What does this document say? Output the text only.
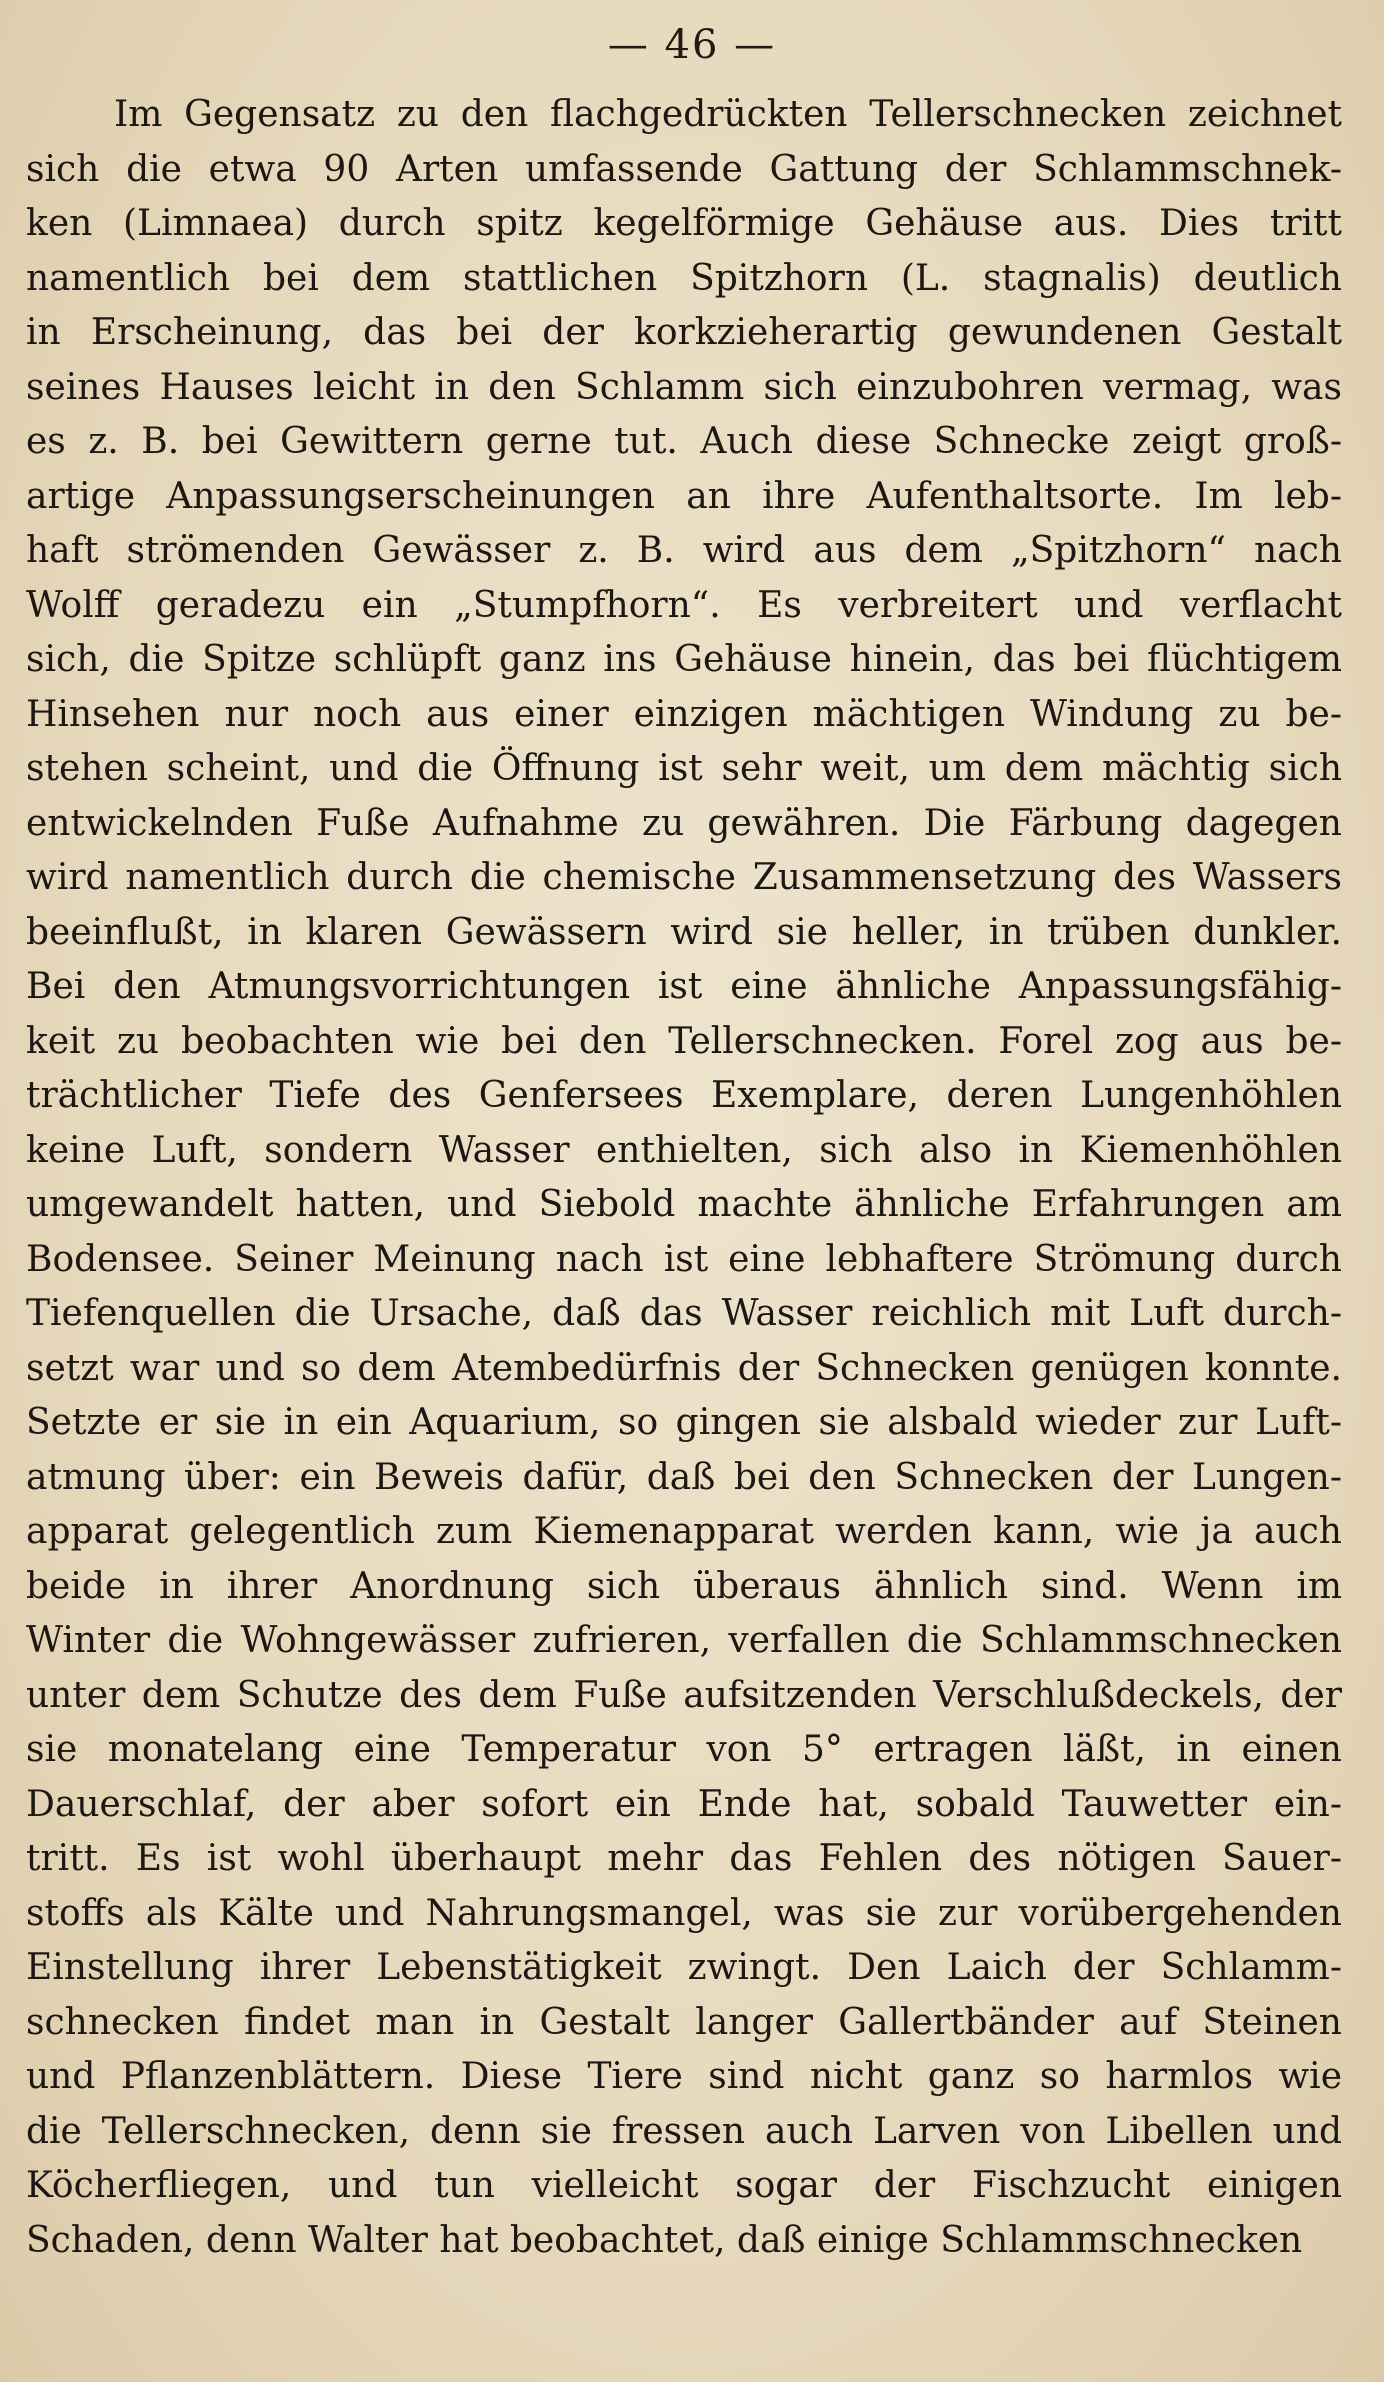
— 46 —
Im Gegensatz zu den flachgedrückten Tellerschnecken zeichnet
sich die etwa 90 Arten umfassende Gattung der Schlammschnek-
ken (Limnaea) durch spitz kegelförmige Gehäuse aus. Dies tritt
namentlich bei dem stattlichen Spitzhorn (L. stagnalis) deutlich
in Erscheinung, das bei der korkzieherartig gewundenen Gestalt
seines Hauses leicht in den Schlamm sich einzubohren vermag, was
es z. B. bei Gewittern gerne tut. Auch diese Schnecke zeigt groß-
artige Anpassungserscheinungen an ihre Aufenthaltsorte. Im leb-
haft strömenden Gewässer z. B. wird aus dem „Spitzhorn“ nach
Wolff geradezu ein „Stumpfhorn“. Es verbreitert und verflacht
sich, die Spitze schlüpft ganz ins Gehäuse hinein, das bei flüchtigem
Hinsehen nur noch aus einer einzigen mächtigen Windung zu be-
stehen scheint, und die Öffnung ist sehr weit, um dem mächtig sich
entwickelnden Fuße Aufnahme zu gewähren. Die Färbung dagegen
wird namentlich durch die chemische Zusammensetzung des Wassers
beeinflußt, in klaren Gewässern wird sie heller, in trüben dunkler.
Bei den Atmungsvorrichtungen ist eine ähnliche Anpassungsfähig-
keit zu beobachten wie bei den Tellerschnecken. Forel zog aus be-
trächtlicher Tiefe des Genfersees Exemplare, deren Lungenhöhlen
keine Luft, sondern Wasser enthielten, sich also in Kiemenhöhlen
umgewandelt hatten, und Siebold machte ähnliche Erfahrungen am
Bodensee. Seiner Meinung nach ist eine lebhaftere Strömung durch
Tiefenquellen die Ursache, daß das Wasser reichlich mit Luft durch-
setzt war und so dem Atembedürfnis der Schnecken genügen konnte.
Setzte er sie in ein Aquarium, so gingen sie alsbald wieder zur Luft-
atmung über: ein Beweis dafür, daß bei den Schnecken der Lungen-
apparat gelegentlich zum Kiemenapparat werden kann, wie ja auch
beide in ihrer Anordnung sich überaus ähnlich sind. Wenn im
Winter die Wohngewässer zufrieren, verfallen die Schlammschnecken
unter dem Schutze des dem Fuße aufsitzenden Verschlußdeckels, der
sie monatelang eine Temperatur von 5° ertragen läßt, in einen
Dauerschlaf, der aber sofort ein Ende hat, sobald Tauwetter ein-
tritt. Es ist wohl überhaupt mehr das Fehlen des nötigen Sauer-
stoffs als Kälte und Nahrungsmangel, was sie zur vorübergehenden
Einstellung ihrer Lebenstätigkeit zwingt. Den Laich der Schlamm-
schnecken findet man in Gestalt langer Gallertbänder auf Steinen
und Pflanzenblättern. Diese Tiere sind nicht ganz so harmlos wie
die Tellerschnecken, denn sie fressen auch Larven von Libellen und
Köcherfliegen, und tun vielleicht sogar der Fischzucht einigen
Schaden, denn Walter hat beobachtet, daß einige Schlammschnecken
